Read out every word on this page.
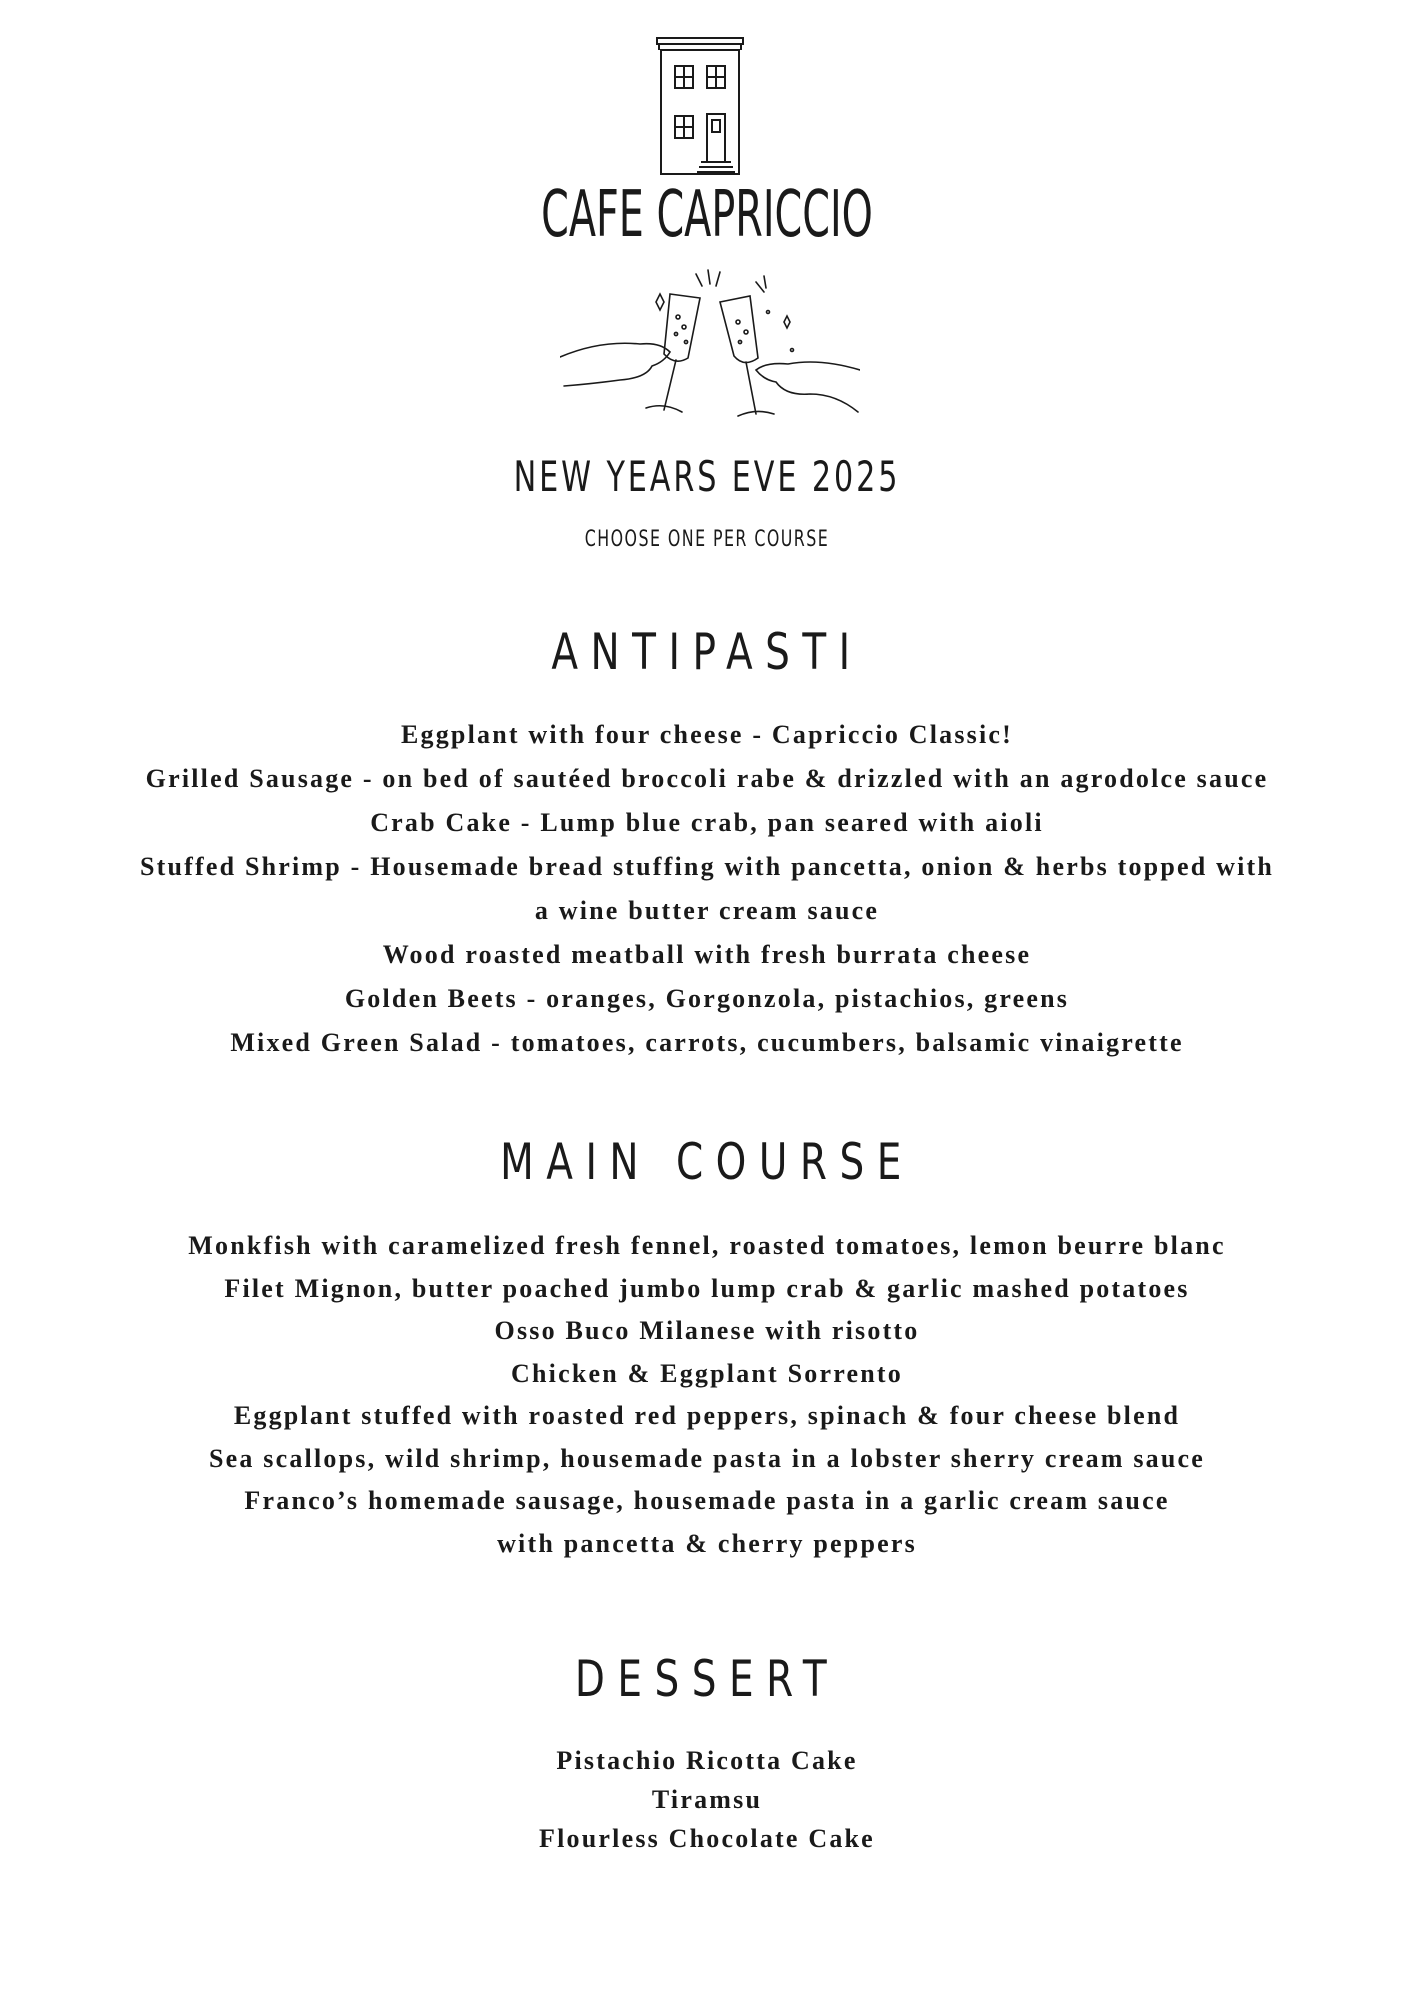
CAFE CAPRICCIO
NEW YEARS EVE 2025
CHOOSE ONE PER COURSE
ANTIPASTI
Eggplant with four cheese - Capriccio Classic!
Grilled Sausage - on bed of sautéed broccoli rabe & drizzled with an agrodolce sauce
Crab Cake - Lump blue crab, pan seared with aioli
Stuffed Shrimp - Housemade bread stuffing with pancetta, onion & herbs topped with
a wine butter cream sauce
Wood roasted meatball with fresh burrata cheese
Golden Beets - oranges, Gorgonzola, pistachios, greens
Mixed Green Salad - tomatoes, carrots, cucumbers, balsamic vinaigrette
MAIN COURSE
Monkfish with caramelized fresh fennel, roasted tomatoes, lemon beurre blanc
Filet Mignon, butter poached jumbo lump crab & garlic mashed potatoes
Osso Buco Milanese with risotto
Chicken & Eggplant Sorrento
Eggplant stuffed with roasted red peppers, spinach & four cheese blend
Sea scallops, wild shrimp, housemade pasta in a lobster sherry cream sauce
Franco’s homemade sausage, housemade pasta in a garlic cream sauce
with pancetta & cherry peppers
DESSERT
Pistachio Ricotta Cake
Tiramsu
Flourless Chocolate Cake
